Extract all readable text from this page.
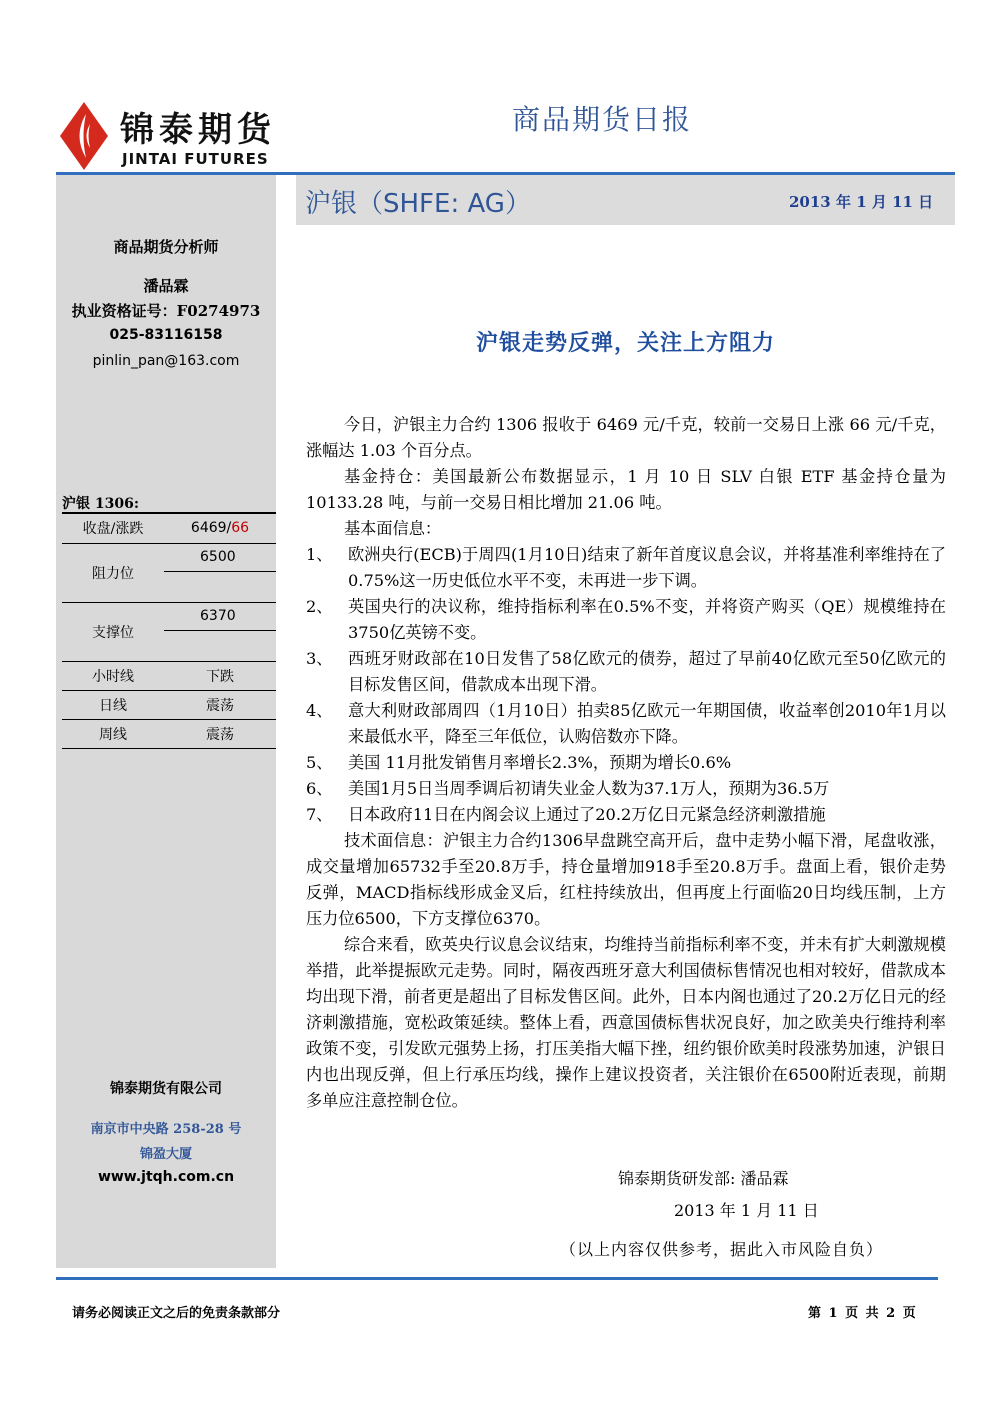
锦泰期货
JINTAI FUTURES
商品期货日报
沪银（SHFE: AG）	2013 年 1 月 11 日
商品期货分析师
潘品霖
执业资格证号：F0274973
025-83116158
pinlin_pan@163.com
沪银 1306:
收盘/涨跌	6469/66
阻力位	6500

支撑位	6370

小时线	下跌
日线	震荡
周线	震荡
锦泰期货有限公司
南京市中央路 258-28 号
锦盈大厦
www.jtqh.com.cn
沪银走势反弹，关注上方阻力

今日，沪银主力合约 1306 报收于 6469 元/千克，较前一交易日上涨 66 元/千克，涨幅达 1.03 个百分点。

基金持仓：美国最新公布数据显示，1 月 10 日 SLV 白银 ETF 基金持仓量为 10133.28 吨，与前一交易日相比增加 21.06 吨。

基本面信息：

1、 欧洲央行(ECB)于周四(1月10日)结束了新年首度议息会议，并将基准利率维持在了0.75%这一历史低位水平不变，未再进一步下调。
2、 英国央行的决议称，维持指标利率在0.5%不变，并将资产购买（QE）规模维持在3750亿英镑不变。
3、 西班牙财政部在10日发售了58亿欧元的债券，超过了早前40亿欧元至50亿欧元的目标发售区间，借款成本出现下滑。
4、 意大利财政部周四（1月10日）拍卖85亿欧元一年期国债，收益率创2010年1月以来最低水平，降至三年低位，认购倍数亦下降。
5、 美国 11月批发销售月率增长2.3%，预期为增长0.6%
6、 美国1月5日当周季调后初请失业金人数为37.1万人，预期为36.5万
7、 日本政府11日在内阁会议上通过了20.2万亿日元紧急经济刺激措施

技术面信息：沪银主力合约1306早盘跳空高开后，盘中走势小幅下滑，尾盘收涨，成交量增加65732手至20.8万手，持仓量增加918手至20.8万手。盘面上看，银价走势反弹，MACD指标线形成金叉后，红柱持续放出，但再度上行面临20日均线压制，上方压力位6500，下方支撑位6370。

综合来看，欧英央行议息会议结束，均维持当前指标利率不变，并未有扩大刺激规模举措，此举提振欧元走势。同时，隔夜西班牙意大利国债标售情况也相对较好，借款成本均出现下滑，前者更是超出了目标发售区间。此外，日本内阁也通过了20.2万亿日元的经济刺激措施，宽松政策延续。整体上看，西意国债标售状况良好，加之欧美央行维持利率政策不变，引发欧元强势上扬，打压美指大幅下挫，纽约银价欧美时段涨势加速，沪银日内也出现反弹，但上行承压均线，操作上建议投资者，关注银价在6500附近表现，前期多单应注意控制仓位。

锦泰期货研发部: 潘品霖
2013 年 1 月 11 日
（以上内容仅供参考，据此入市风险自负）
请务必阅读正文之后的免责条款部分	第 1 页 共 2 页
